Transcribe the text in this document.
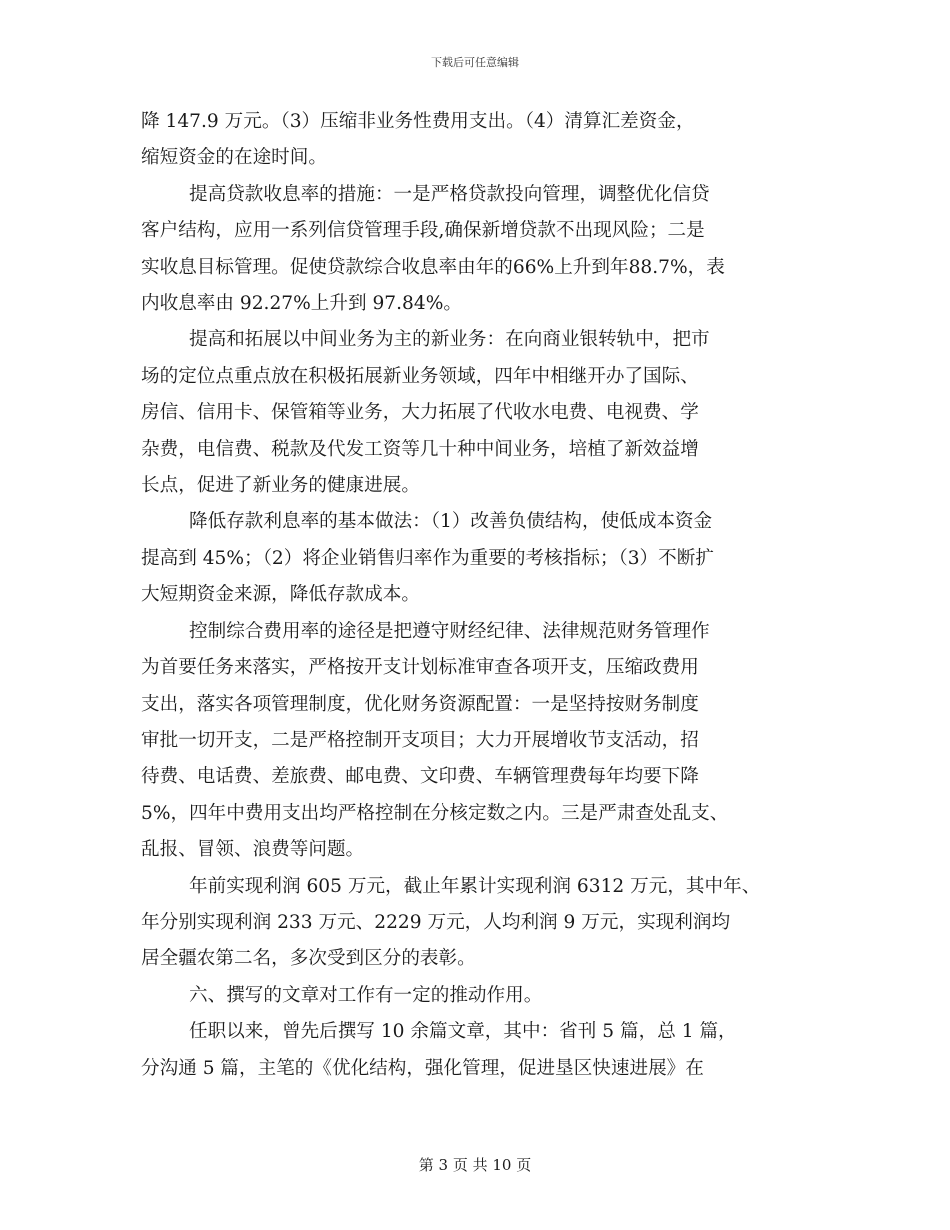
下载后可任意编辑
降 147.9 万元。（3）压缩非业务性费用支出。（4）清算汇差资金，
缩短资金的在途时间。
提高贷款收息率的措施：一是严格贷款投向管理，调整优化信贷
客户结构，应用一系列信贷管理手段,确保新增贷款不出现风险；二是
实收息目标管理。促使贷款综合收息率由年的66%上升到年88.7%，表
内收息率由 92.27%上升到 97.84%。
提高和拓展以中间业务为主的新业务：在向商业银转轨中，把市
场的定位点重点放在积极拓展新业务领域，四年中相继开办了国际、
房信、信用卡、保管箱等业务，大力拓展了代收水电费、电视费、学
杂费，电信费、税款及代发工资等几十种中间业务，培植了新效益增
长点，促进了新业务的健康进展。
降低存款利息率的基本做法：（1）改善负债结构，使低成本资金
提高到 45%；（2）将企业销售归率作为重要的考核指标；（3）不断扩
大短期资金来源，降低存款成本。
控制综合费用率的途径是把遵守财经纪律、法律规范财务管理作
为首要任务来落实，严格按开支计划标准审查各项开支，压缩政费用
支出，落实各项管理制度，优化财务资源配置：一是坚持按财务制度
审批一切开支，二是严格控制开支项目；大力开展增收节支活动，招
待费、电话费、差旅费、邮电费、文印费、车辆管理费每年均要下降
5%，四年中费用支出均严格控制在分核定数之内。三是严肃查处乱支、
乱报、冒领、浪费等问题。
年前实现利润 605 万元，截止年累计实现利润 6312 万元，其中年、
年分别实现利润 233 万元、2229 万元，人均利润 9 万元，实现利润均
居全疆农第二名，多次受到区分的表彰。
六、撰写的文章对工作有一定的推动作用。
任职以来，曾先后撰写 10 余篇文章，其中：省刊 5 篇，总 1 篇，
分沟通 5 篇，主笔的《优化结构，强化管理，促进垦区快速进展》在
第 3 页 共 10 页
